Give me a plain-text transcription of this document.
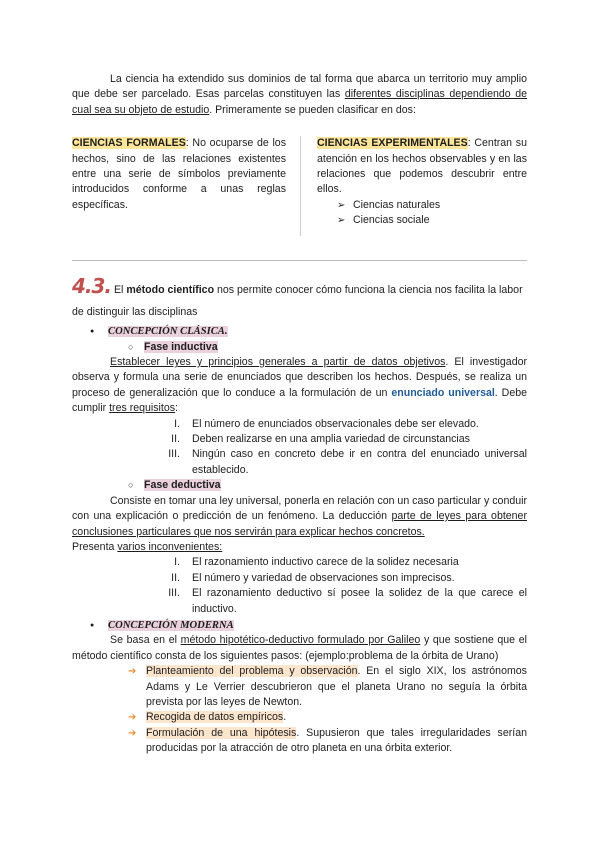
La ciencia ha extendido sus dominios de tal forma que abarca un territorio muy amplio que debe ser parcelado. Esas parcelas constituyen las diferentes disciplinas dependiendo de cual sea su objeto de estudio. Primeramente se pueden clasificar en dos:

CIENCIAS FORMALES: No ocuparse de los hechos, sino de las relaciones existentes entre una serie de símbolos previamente introducidos conforme a unas reglas específicas.

CIENCIAS EXPERIMENTALES: Centran su atención en los hechos observables y en las relaciones que podemos descubrir entre ellos.

➢ Ciencias naturales
➢ Ciencias sociale

4.3. El método científico nos permite conocer cómo funciona la ciencia nos facilita la labor de distinguir las disciplinas

● CONCEPCIÓN CLÁSICA.
○ Fase inductiva

Establecer leyes y principios generales a partir de datos objetivos. El investigador observa y formula una serie de enunciados que describen los hechos. Después, se realiza un proceso de generalización que lo conduce a la formulación de un enunciado universal. Debe cumplir tres requisitos:

I.	El número de enunciados observacionales debe ser elevado.
II.	Deben realizarse en una amplia variedad de circunstancias
III.	Ningún caso en concreto debe ir en contra del enunciado universal establecido.
○ Fase deductiva

Consiste en tomar una ley universal, ponerla en relación con un caso particular y conduir con una explicación o predicción de un fenómeno. La deducción parte de leyes para obtener conclusiones particulares que nos servirán para explicar hechos concretos.

Presenta varios inconvenientes:

I.	El razonamiento inductivo carece de la solidez necesaria
II.	El número y variedad de observaciones son imprecisos.
III.	El razonamiento deductivo sí posee la solidez de la que carece el inductivo.
● CONCEPCIÓN MODERNA

Se basa en el método hipotético-deductivo formulado por Galileo y que sostiene que el método científico consta de los siguientes pasos: (ejemplo:problema de la órbita de Urano)

➔ Planteamiento del problema y observación. En el siglo XIX, los astrónomos Adams y Le Verrier descubrieron que el planeta Urano no seguía la órbita prevista por las leyes de Newton.
➔ Recogida de datos empíricos.
➔ Formulación de una hipótesis. Supusieron que tales irregularidades serían producidas por la atracción de otro planeta en una órbita exterior.
